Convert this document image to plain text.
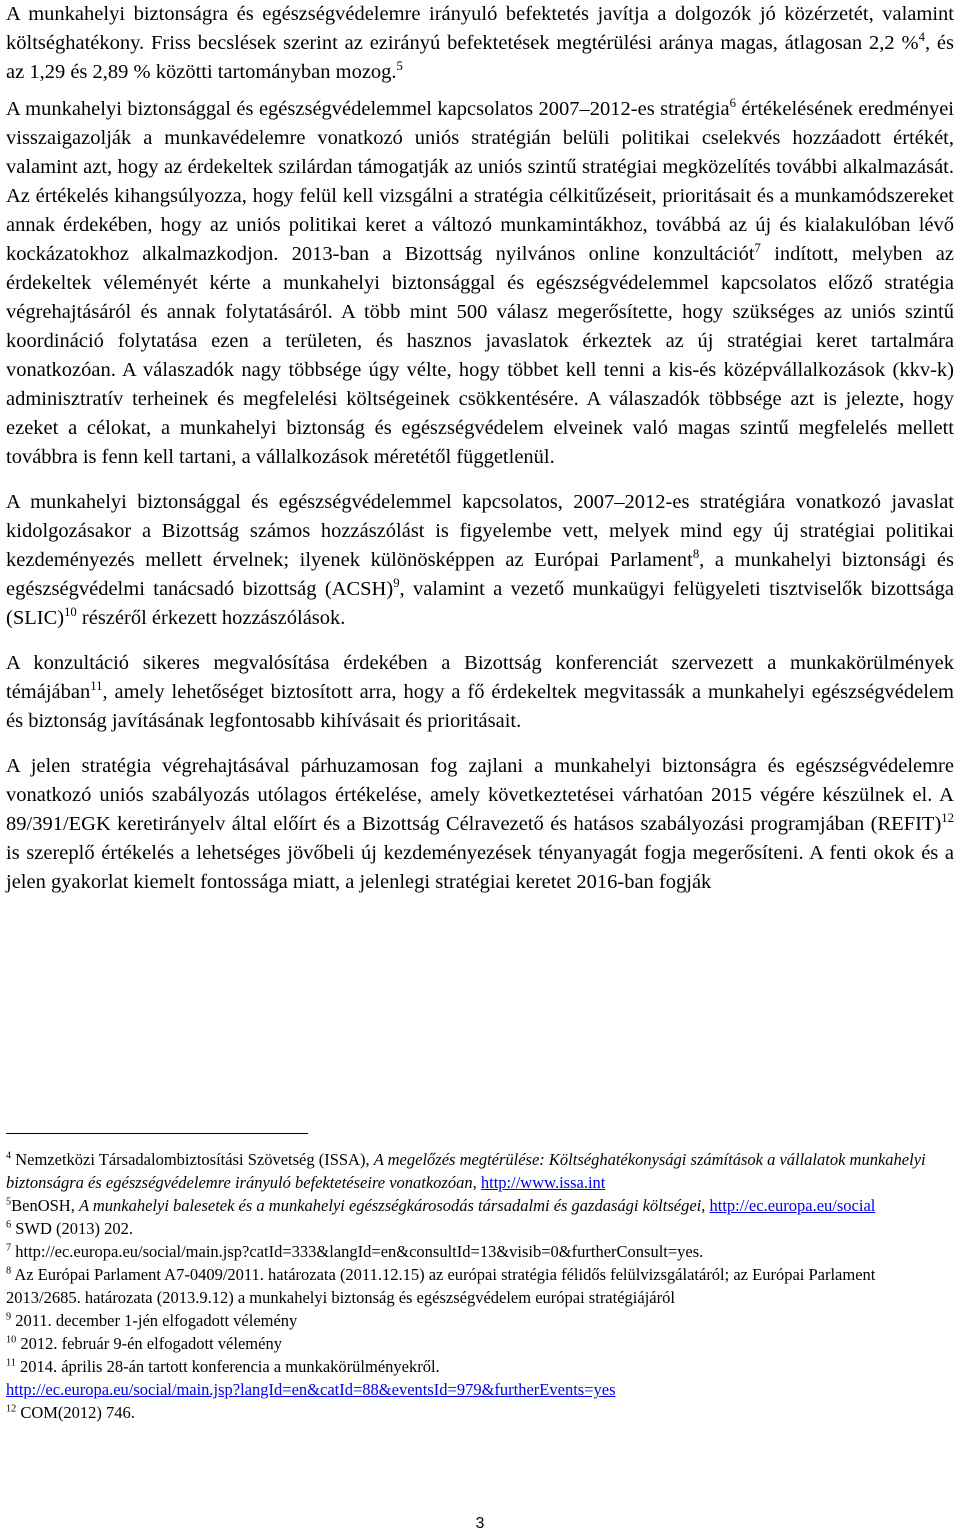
A munkahelyi biztonságra és egészségvédelemre irányuló befektetés javítja a dolgozók jó közérzetét, valamint költséghatékony. Friss becslések szerint az ezirányú befektetések megtérülési aránya magas, átlagosan 2,2 %$^4$, és az 1,29 és 2,89 % közötti tartományban mozog.$^5$

A munkahelyi biztonsággal és egészségvédelemmel kapcsolatos 2007–2012-es stratégia$^6$ értékelésének eredményei visszaigazolják a munkavédelemre vonatkozó uniós stratégián belüli politikai cselekvés hozzáadott értékét, valamint azt, hogy az érdekeltek szilárdan támogatják az uniós szintű stratégiai megközelítés további alkalmazását. Az értékelés kihangsúlyozza, hogy felül kell vizsgálni a stratégia célkitűzéseit, prioritásait és a munkamódszereket annak érdekében, hogy az uniós politikai keret a változó munkamintákhoz, továbbá az új és kialakulóban lévő kockázatokhoz alkalmazkodjon. 2013-ban a Bizottság nyilvános online konzultációt$^7$ indított, melyben az érdekeltek véleményét kérte a munkahelyi biztonsággal és egészségvédelemmel kapcsolatos előző stratégia végrehajtásáról és annak folytatásáról. A több mint 500 válasz megerősítette, hogy szükséges az uniós szintű koordináció folytatása ezen a területen, és hasznos javaslatok érkeztek az új stratégiai keret tartalmára vonatkozóan. A válaszadók nagy többsége úgy vélte, hogy többet kell tenni a kis-és középvállalkozások (kkv-k) adminisztratív terheinek és megfelelési költségeinek csökkentésére. A válaszadók többsége azt is jelezte, hogy ezeket a célokat, a munkahelyi biztonság és egészségvédelem elveinek való magas szintű megfelelés mellett továbbra is fenn kell tartani, a vállalkozások méretétől függetlenül.

A munkahelyi biztonsággal és egészségvédelemmel kapcsolatos, 2007–2012-es stratégiára vonatkozó javaslat kidolgozásakor a Bizottság számos hozzászólást is figyelembe vett, melyek mind egy új stratégiai politikai kezdeményezés mellett érvelnek; ilyenek különösképpen az Európai Parlament$^8$, a munkahelyi biztonsági és egészségvédelmi tanácsadó bizottság (ACSH)$^9$, valamint a vezető munkaügyi felügyeleti tisztviselők bizottsága (SLIC)$^{10}$ részéről érkezett hozzászólások.

A konzultáció sikeres megvalósítása érdekében a Bizottság konferenciát szervezett a munkakörülmények témájában$^{11}$, amely lehetőséget biztosított arra, hogy a fő érdekeltek megvitassák a munkahelyi egészségvédelem és biztonság javításának legfontosabb kihívásait és prioritásait.

A jelen stratégia végrehajtásával párhuzamosan fog zajlani a munkahelyi biztonságra és egészségvédelemre vonatkozó uniós szabályozás utólagos értékelése, amely következtetései várhatóan 2015 végére készülnek el. A 89/391/EGK keretirányelv által előírt és a Bizottság Célravezető és hatásos szabályozási programjában (REFIT)$^{12}$ is szereplő értékelés a lehetséges jövőbeli új kezdeményezések tényanyagát fogja megerősíteni. A fenti okok és a jelen gyakorlat kiemelt fontossága miatt, a jelenlegi stratégiai keretet 2016-ban fogják

$^4$ Nemzetközi Társadalombiztosítási Szövetség (ISSA), A megelőzés megtérülése: Költséghatékonysági számítások a vállalatok munkahelyi biztonságra és egészségvédelemre irányuló befektetéseire vonatkozóan, http://www.issa.int

$^5$BenOSH, A munkahelyi balesetek és a munkahelyi egészségkárosodás társadalmi és gazdasági költségei, http://ec.europa.eu/social

$^6$ SWD (2013) 202.

$^7$ http://ec.europa.eu/social/main.jsp?catId=333&langId=en&consultId=13&visib=0&furtherConsult=yes.

$^8$ Az Európai Parlament A7-0409/2011. határozata (2011.12.15) az európai stratégia félidős felülvizsgálatáról; az Európai Parlament 2013/2685. határozata (2013.9.12) a munkahelyi biztonság és egészségvédelem európai stratégiájáról

$^9$ 2011. december 1-jén elfogadott vélemény

$^{10}$ 2012. február 9-én elfogadott vélemény

$^{11}$ 2014. április 28-án tartott konferencia a munkakörülményekről.
http://ec.europa.eu/social/main.jsp?langId=en&catId=88&eventsId=979&furtherEvents=yes

$^{12}$ COM(2012) 746.

3
